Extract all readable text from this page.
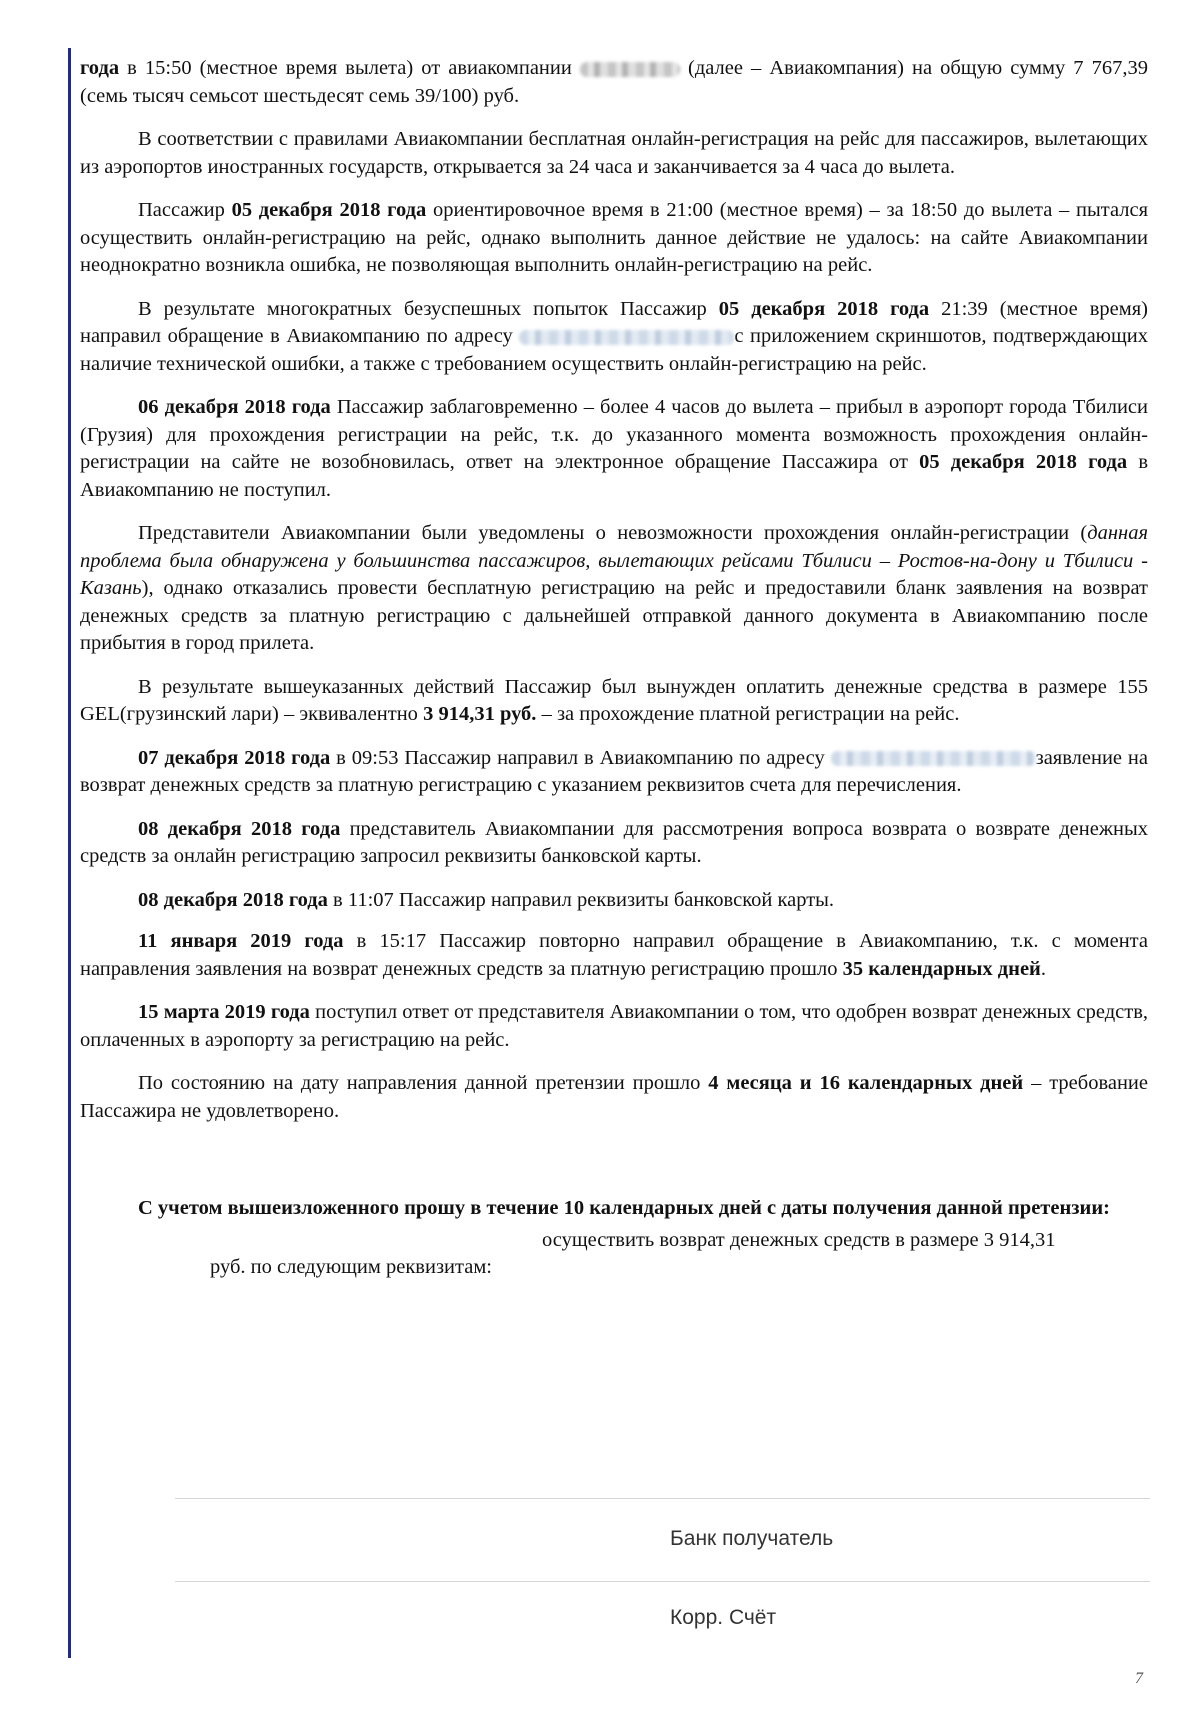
года в 15:50 (местное время вылета) от авиакомпании	(далее – Авиакомпания) на общую сумму 7 767,39 (семь тысяч семьсот шестьдесят семь 39/100) руб.

В соответствии с правилами Авиакомпании бесплатная онлайн-регистрация на рейс для пассажиров, вылетающих из аэропортов иностранных государств, открывается за 24 часа и заканчивается за 4 часа до вылета.

Пассажир 05 декабря 2018 года ориентировочное время в 21:00 (местное время) – за 18:50 до вылета – пытался осуществить онлайн-регистрацию на рейс, однако выполнить данное действие не удалось: на сайте Авиакомпании неоднократно возникла ошибка, не позволяющая выполнить онлайн-регистрацию на рейс.

В результате многократных безуспешных попыток Пассажир 05 декабря 2018 года 21:39 (местное время) направил обращение в Авиакомпанию по адресу	с приложением скриншотов, подтверждающих наличие технической ошибки, а также с требованием осуществить онлайн-регистрацию на рейс.

06 декабря 2018 года Пассажир заблаговременно – более 4 часов до вылета – прибыл в аэропорт города Тбилиси (Грузия) для прохождения регистрации на рейс, т.к. до указанного момента возможность прохождения онлайн-регистрации на сайте не возобновилась, ответ на электронное обращение Пассажира от 05 декабря 2018 года в Авиакомпанию не поступил.

Представители Авиакомпании были уведомлены о невозможности прохождения онлайн-регистрации (данная проблема была обнаружена у большинства пассажиров, вылетающих рейсами Тбилиси – Ростов-на-дону и Тбилиси - Казань), однако отказались провести бесплатную регистрацию на рейс и предоставили бланк заявления на возврат денежных средств за платную регистрацию с дальнейшей отправкой данного документа в Авиакомпанию после прибытия в город прилета.

В результате вышеуказанных действий Пассажир был вынужден оплатить денежные средства в размере 155 GEL(грузинский лари) – эквивалентно 3 914,31 руб. – за прохождение платной регистрации на рейс.

07 декабря 2018 года в 09:53 Пассажир направил в Авиакомпанию по адресу	заявление на возврат денежных средств за платную регистрацию с указанием реквизитов счета для перечисления.

08 декабря 2018 года представитель Авиакомпании для рассмотрения вопроса возврата о возврате денежных средств за онлайн регистрацию запросил реквизиты банковской карты.

08 декабря 2018 года в 11:07 Пассажир направил реквизиты банковской карты.

11 января 2019 года в 15:17 Пассажир повторно направил обращение в Авиакомпанию, т.к. с момента направления заявления на возврат денежных средств за платную регистрацию прошло 35 календарных дней.

15 марта 2019 года поступил ответ от представителя Авиакомпании о том, что одобрен возврат денежных средств, оплаченных в аэропорту за регистрацию на рейс.

По состоянию на дату направления данной претензии прошло 4 месяца и 16 календарных дней – требование Пассажира не удовлетворено.

С учетом вышеизложенного прошу в течение 10 календарных дней с даты получения данной претензии:

осуществить возврат денежных средств в размере 3 914,31
руб. по следующим реквизитам:
Банк получатель
Корр. Счёт
7
